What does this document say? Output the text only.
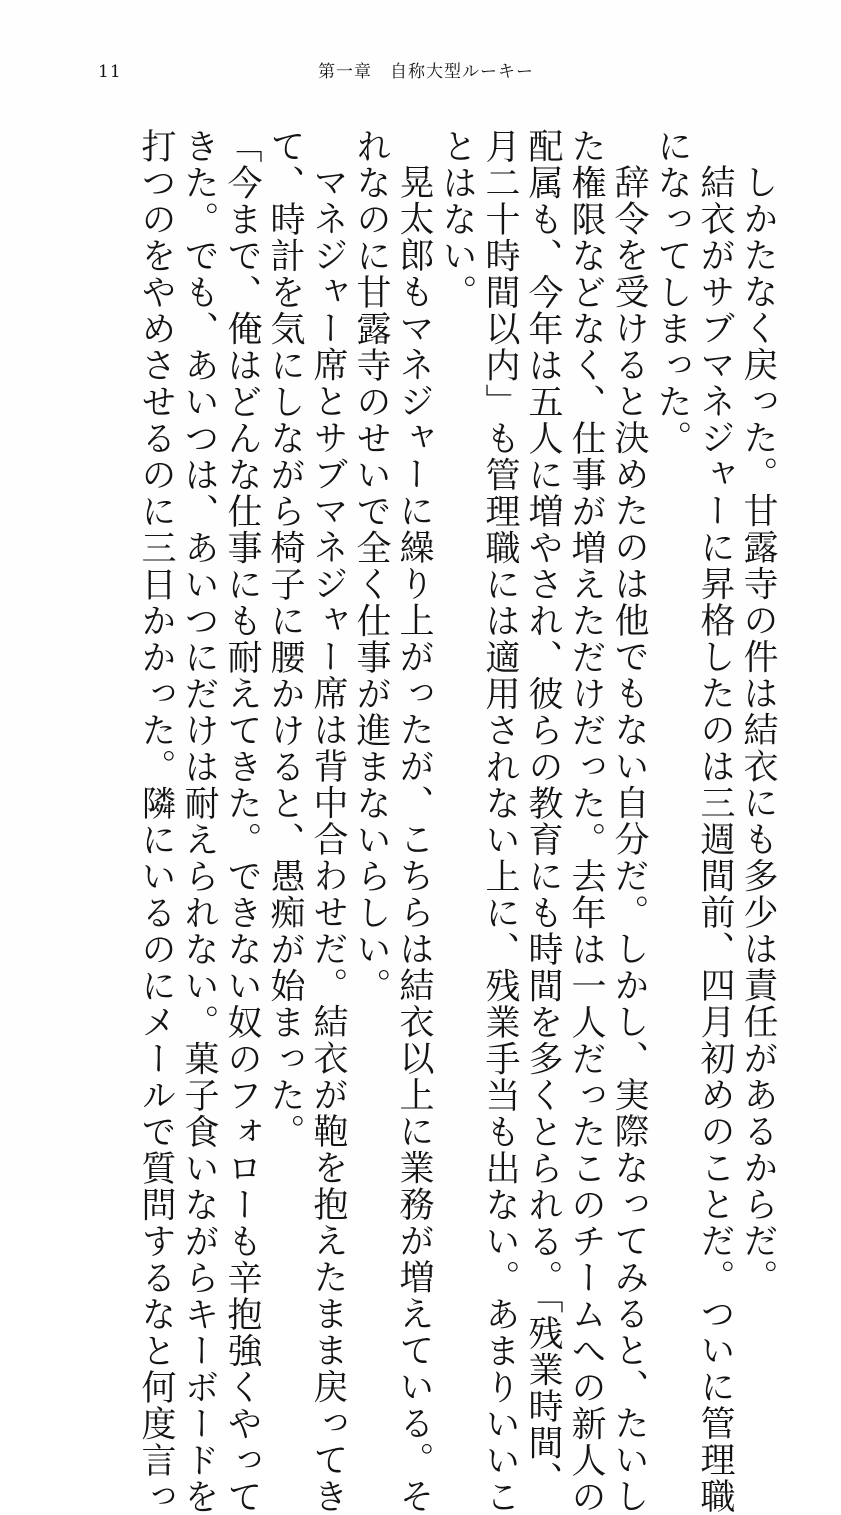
11	第一章　自称大型ルーキー
しかたなく戻った。甘露寺の件は結衣にも多少は責任があるからだ。
結衣がサブマネジャーに昇格したのは三週間前、四月初めのことだ。ついに管理職
になってしまった。
辞令を受けると決めたのは他でもない自分だ。しかし、実際なってみると、たいし
た権限などなく、仕事が増えただけだった。去年は一人だったこのチームへの新人の
配属も、今年は五人に増やされ、彼らの教育にも時間を多くとられる。「残業時間、
月二十時間以内」も管理職には適用されない上に、残業手当も出ない。あまりいいこ
とはない。
晃太郎もマネジャーに繰り上がったが、こちらは結衣以上に業務が増えている。そ
れなのに甘露寺のせいで全く仕事が進まないらしい。
マネジャー席とサブマネジャー席は背中合わせだ。結衣が鞄を抱えたまま戻ってき
て、時計を気にしながら椅子に腰かけると、愚痴が始まった。
「今まで、俺はどんな仕事にも耐えてきた。できない奴のフォローも辛抱強くやって
きた。でも、あいつは、あいつにだけは耐えられない。菓子食いながらキーボードを
打つのをやめさせるのに三日かかった。隣にいるのにメールで質問するなと何度言っ
